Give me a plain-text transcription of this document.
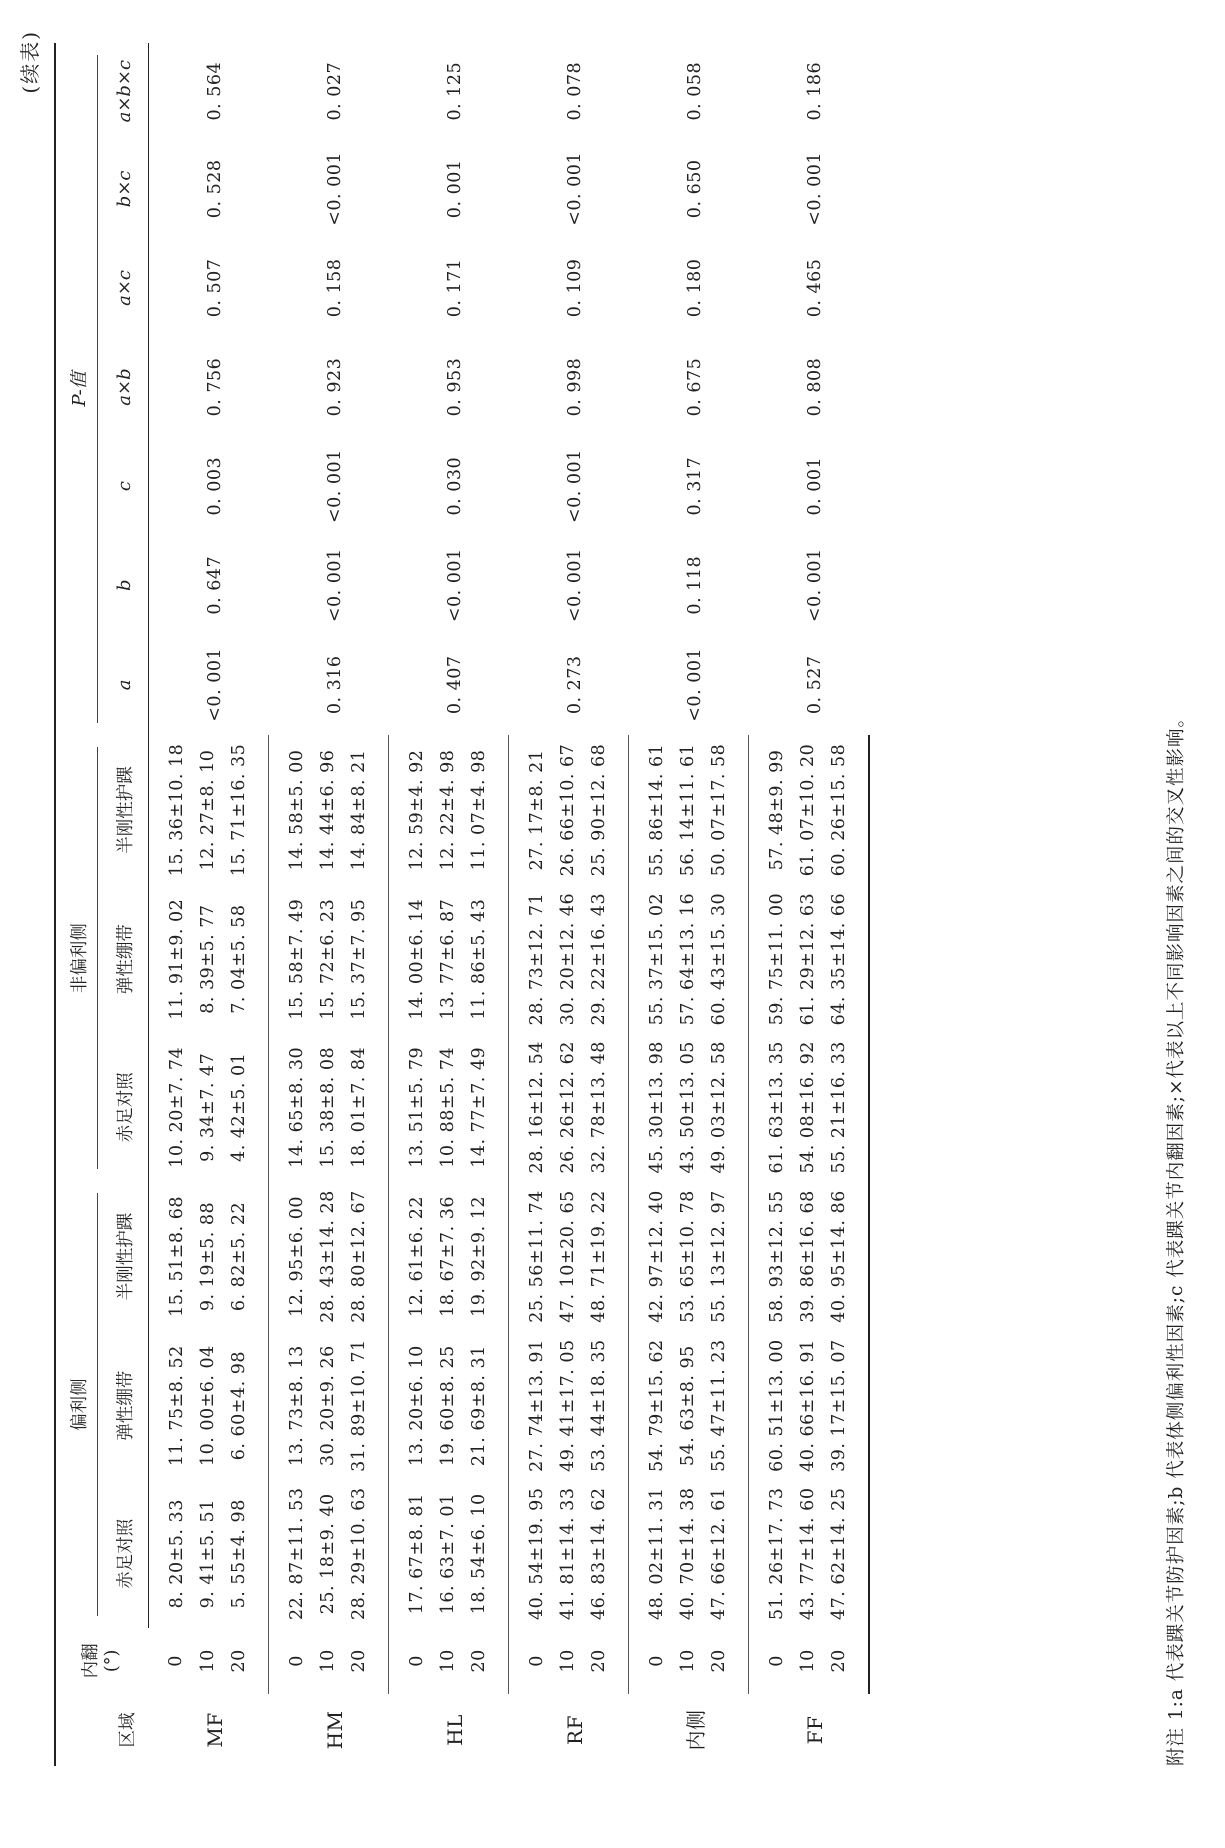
(续表)
区域	内翻 (°)	偏利侧			非偏利侧			P-值						
		赤足对照	弹性绷带	半刚性护踝	赤足对照	弹性绷带	半刚性护踝	a	b	c	a×b	a×c	b×c	a×b×c
MF	0	8. 20±5. 33	11. 75±8. 52	15. 51±8. 68	10. 20±7. 74	11. 91±9. 02	15. 36±10. 18	<0. 001	0. 647	0. 003	0. 756	0. 507	0. 528	0. 564
	10	9. 41±5. 51	10. 00±6. 04	9. 19±5. 88	9. 34±7. 47	8. 39±5. 77	12. 27±8. 10							
	20	5. 55±4. 98	6. 60±4. 98	6. 82±5. 22	4. 42±5. 01	7. 04±5. 58	15. 71±16. 35							
HM	0	22. 87±11. 53	13. 73±8. 13	12. 95±6. 00	14. 65±8. 30	15. 58±7. 49	14. 58±5. 00	0. 316	<0. 001	<0. 001	0. 923	0. 158	<0. 001	0. 027
	10	25. 18±9. 40	30. 20±9. 26	28. 43±14. 28	15. 38±8. 08	15. 72±6. 23	14. 44±6. 96							
	20	28. 29±10. 63	31. 89±10. 71	28. 80±12. 67	18. 01±7. 84	15. 37±7. 95	14. 84±8. 21							
HL	0	17. 67±8. 81	13. 20±6. 10	12. 61±6. 22	13. 51±5. 79	14. 00±6. 14	12. 59±4. 92	0. 407	<0. 001	0. 030	0. 953	0. 171	0. 001	0. 125
	10	16. 63±7. 01	19. 60±8. 25	18. 67±7. 36	10. 88±5. 74	13. 77±6. 87	12. 22±4. 98							
	20	18. 54±6. 10	21. 69±8. 31	19. 92±9. 12	14. 77±7. 49	11. 86±5. 43	11. 07±4. 98							
RF	0	40. 54±19. 95	27. 74±13. 91	25. 56±11. 74	28. 16±12. 54	28. 73±12. 71	27. 17±8. 21	0. 273	<0. 001	<0. 001	0. 998	0. 109	<0. 001	0. 078
	10	41. 81±14. 33	49. 41±17. 05	47. 10±20. 65	26. 26±12. 62	30. 20±12. 46	26. 66±10. 67							
	20	46. 83±14. 62	53. 44±18. 35	48. 71±19. 22	32. 78±13. 48	29. 22±16. 43	25. 90±12. 68							
内侧	0	48. 02±11. 31	54. 79±15. 62	42. 97±12. 40	45. 30±13. 98	55. 37±15. 02	55. 86±14. 61	<0. 001	0. 118	0. 317	0. 675	0. 180	0. 650	0. 058
	10	40. 70±14. 38	54. 63±8. 95	53. 65±10. 78	43. 50±13. 05	57. 64±13. 16	56. 14±11. 61							
	20	47. 66±12. 61	55. 47±11. 23	55. 13±12. 97	49. 03±12. 58	60. 43±15. 30	50. 07±17. 58							
FF	0	51. 26±17. 73	60. 51±13. 00	58. 93±12. 55	61. 63±13. 35	59. 75±11. 00	57. 48±9. 99	0. 527	<0. 001	0. 001	0. 808	0. 465	<0. 001	0. 186
	10	43. 77±14. 60	40. 66±16. 91	39. 86±16. 68	54. 08±16. 92	61. 29±12. 63	61. 07±10. 20							
	20	47. 62±14. 25	39. 17±15. 07	40. 95±14. 86	55. 21±16. 33	64. 35±14. 66	60. 26±15. 58								附注 1:a 代表踝关节防护因素;b 代表体侧偏利性因素;c 代表踝关节内翻因素;×代表以上不同影响因素之间的交叉性影响。
